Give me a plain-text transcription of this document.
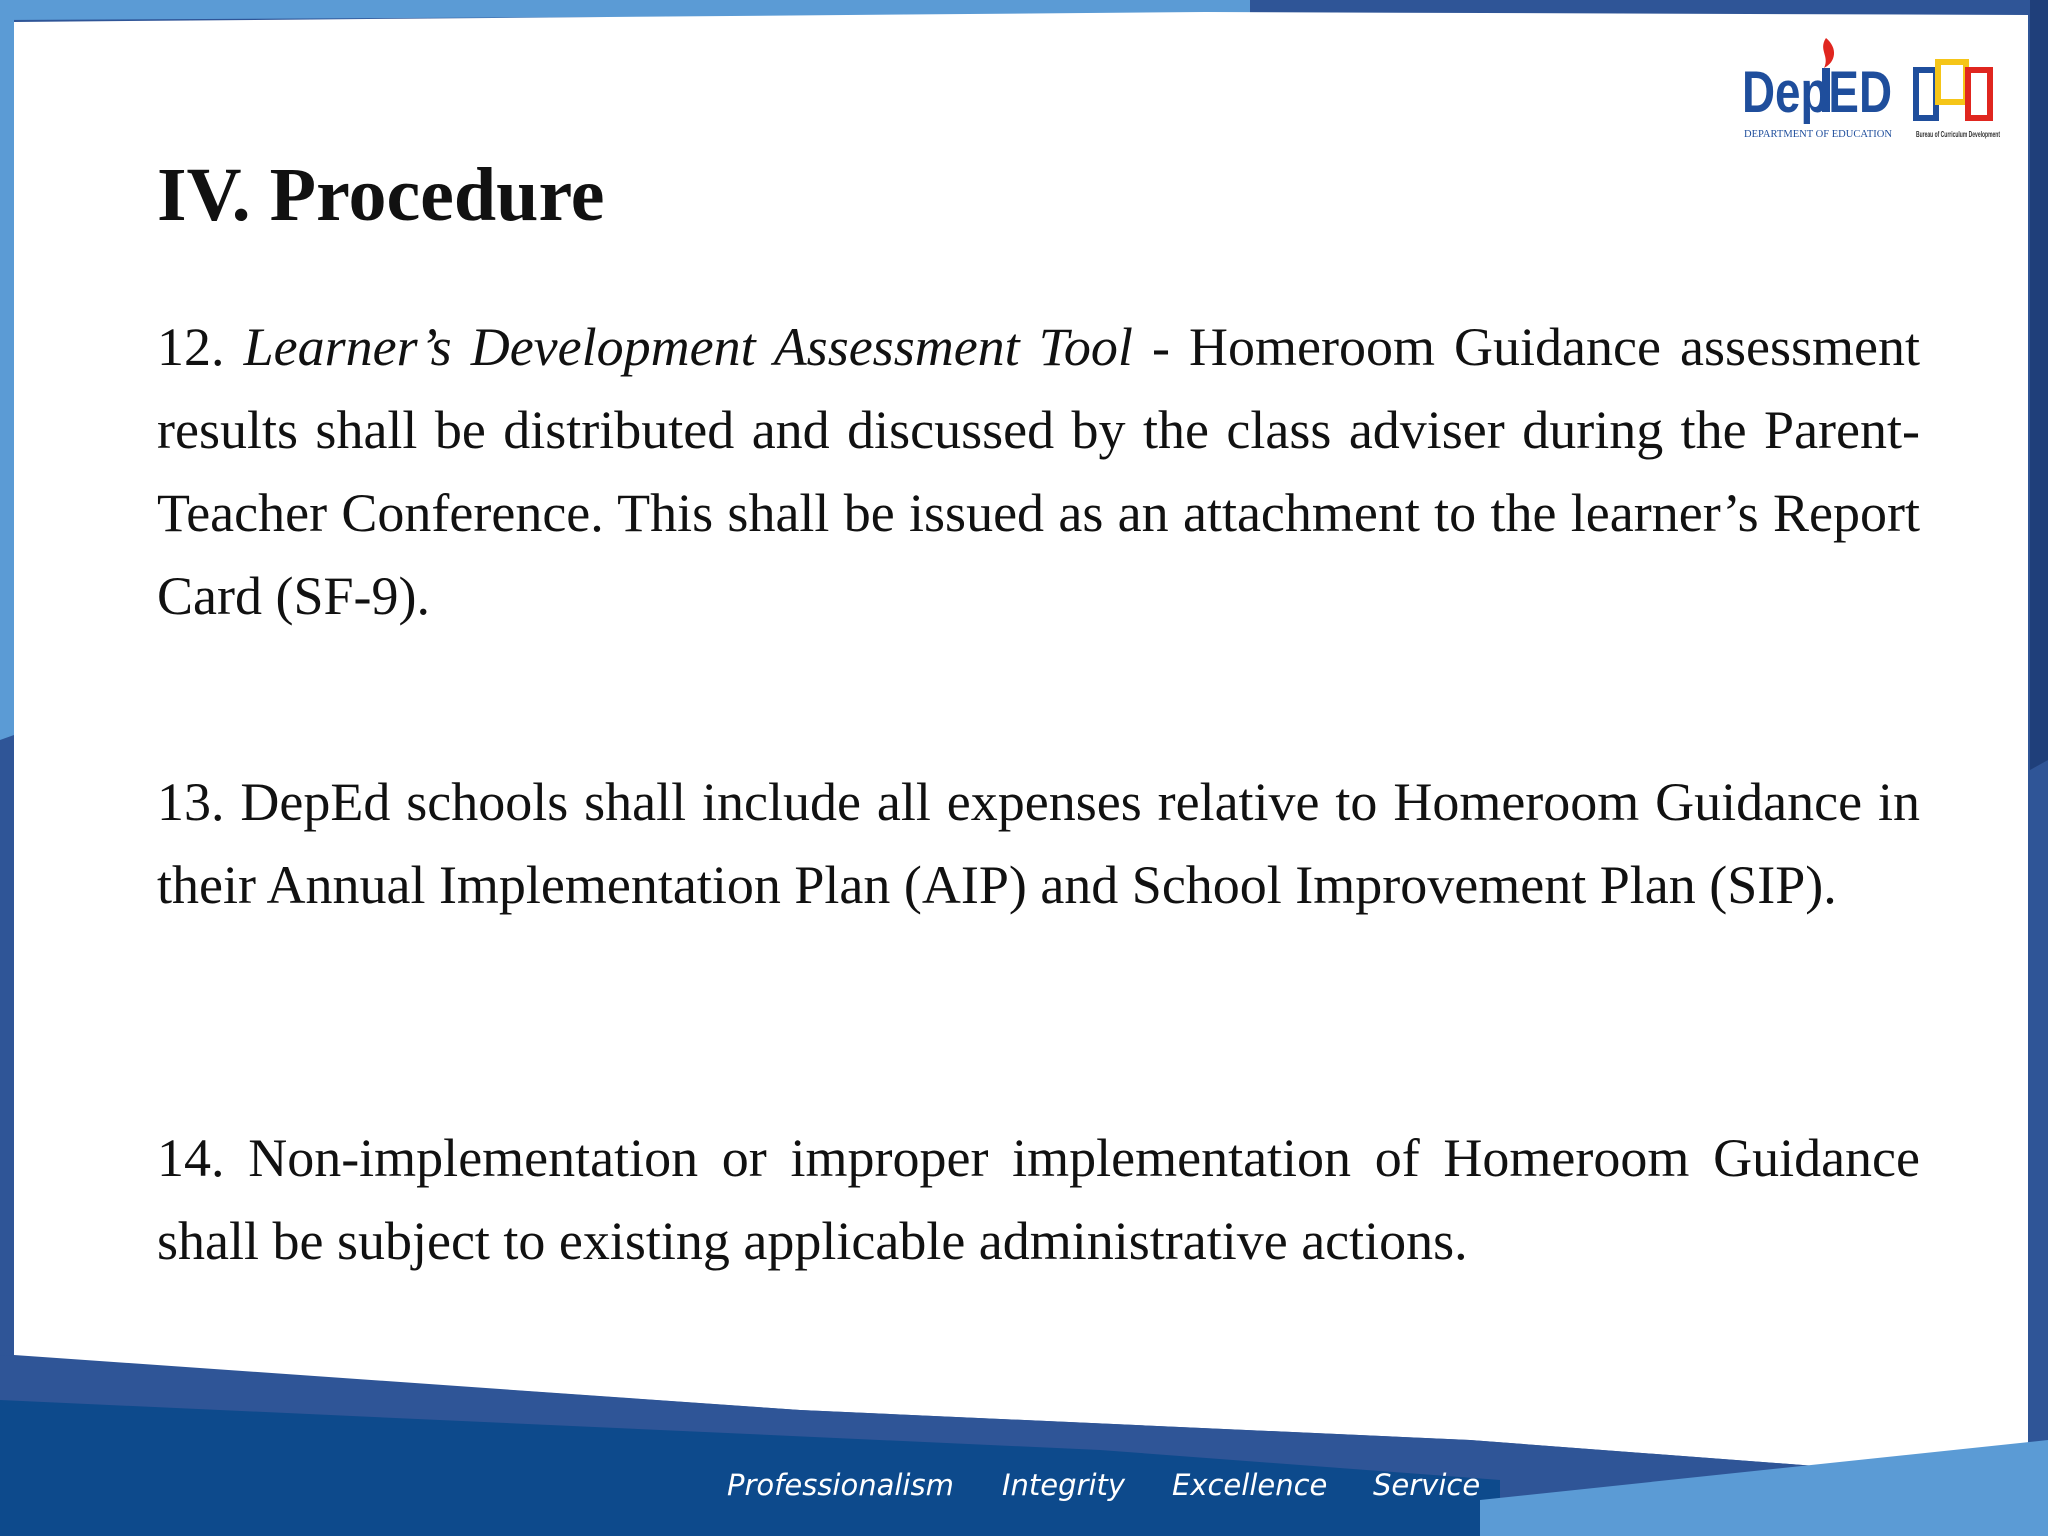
DepED
DEPARTMENT OF EDUCATION	Bureau of Curriculum Development
IV. Procedure

12. Learner’s Development Assessment Tool - Homeroom Guidance assessment results shall be distributed and discussed by the class adviser during the Parent-Teacher Conference. This shall be issued as an attachment to the learner’s Report Card (SF-9).

13. DepEd schools shall include all expenses relative to Homeroom Guidance in their Annual Implementation Plan (AIP) and School Improvement Plan (SIP).

14. Non-implementation or improper implementation of Homeroom Guidance shall be subject to existing applicable administrative actions.

Professionalism Integrity Excellence Service
